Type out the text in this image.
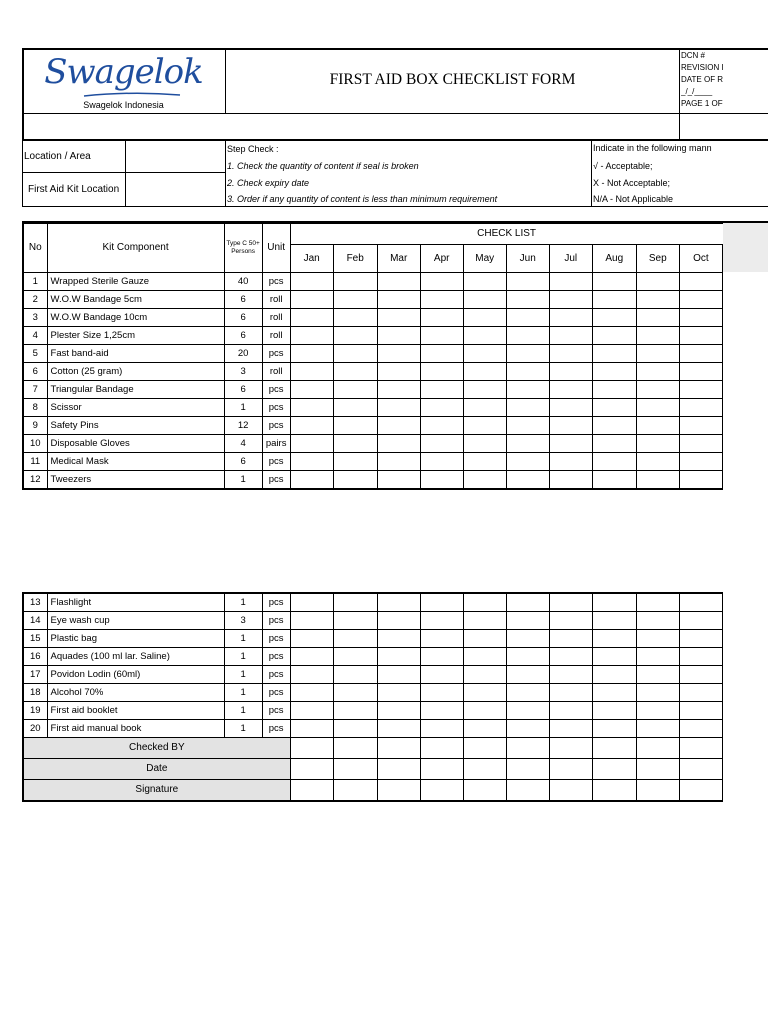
Swagelok
Swagelok Indonesia
FIRST AID BOX CHECKLIST FORM
DCN #
REVISION I
DATE OF R
_/_/____
PAGE 1 OF
Location / Area
First Aid Kit Location
Step Check :
1. Check the quantity of content if seal is broken
2. Check expiry date
3. Order if any quantity of content is less than minimum requirement
Indicate in the following mann
√ - Acceptable;
X - Not Acceptable;
N/A - Not Applicable
No	Kit Component	Type C 50+ Persons	Unit	CHECK LIST									
				Jan	Feb	Mar	Apr	May	Jun	Jul	Aug	Sep	Oct
1	Wrapped Sterile Gauze	40	pcs										
2	W.O.W Bandage 5cm	6	roll										
3	W.O.W Bandage 10cm	6	roll										
4	Plester Size 1,25cm	6	roll										
5	Fast band-aid	20	pcs										
6	Cotton (25 gram)	3	roll										
7	Triangular Bandage	6	pcs										
8	Scissor	1	pcs										
9	Safety Pins	12	pcs										
10	Disposable Gloves	4	pairs										
11	Medical Mask	6	pcs										
12	Tweezers	1	pcs										
13	Flashlight	1	pcs										
14	Eye wash cup	3	pcs										
15	Plastic bag	1	pcs										
16	Aquades (100 ml lar. Saline)	1	pcs										
17	Povidon Lodin (60ml)	1	pcs										
18	Alcohol 70%	1	pcs										
19	First aid booklet	1	pcs										
20	First aid manual book	1	pcs										
Checked BY													
Date													
Signature													
